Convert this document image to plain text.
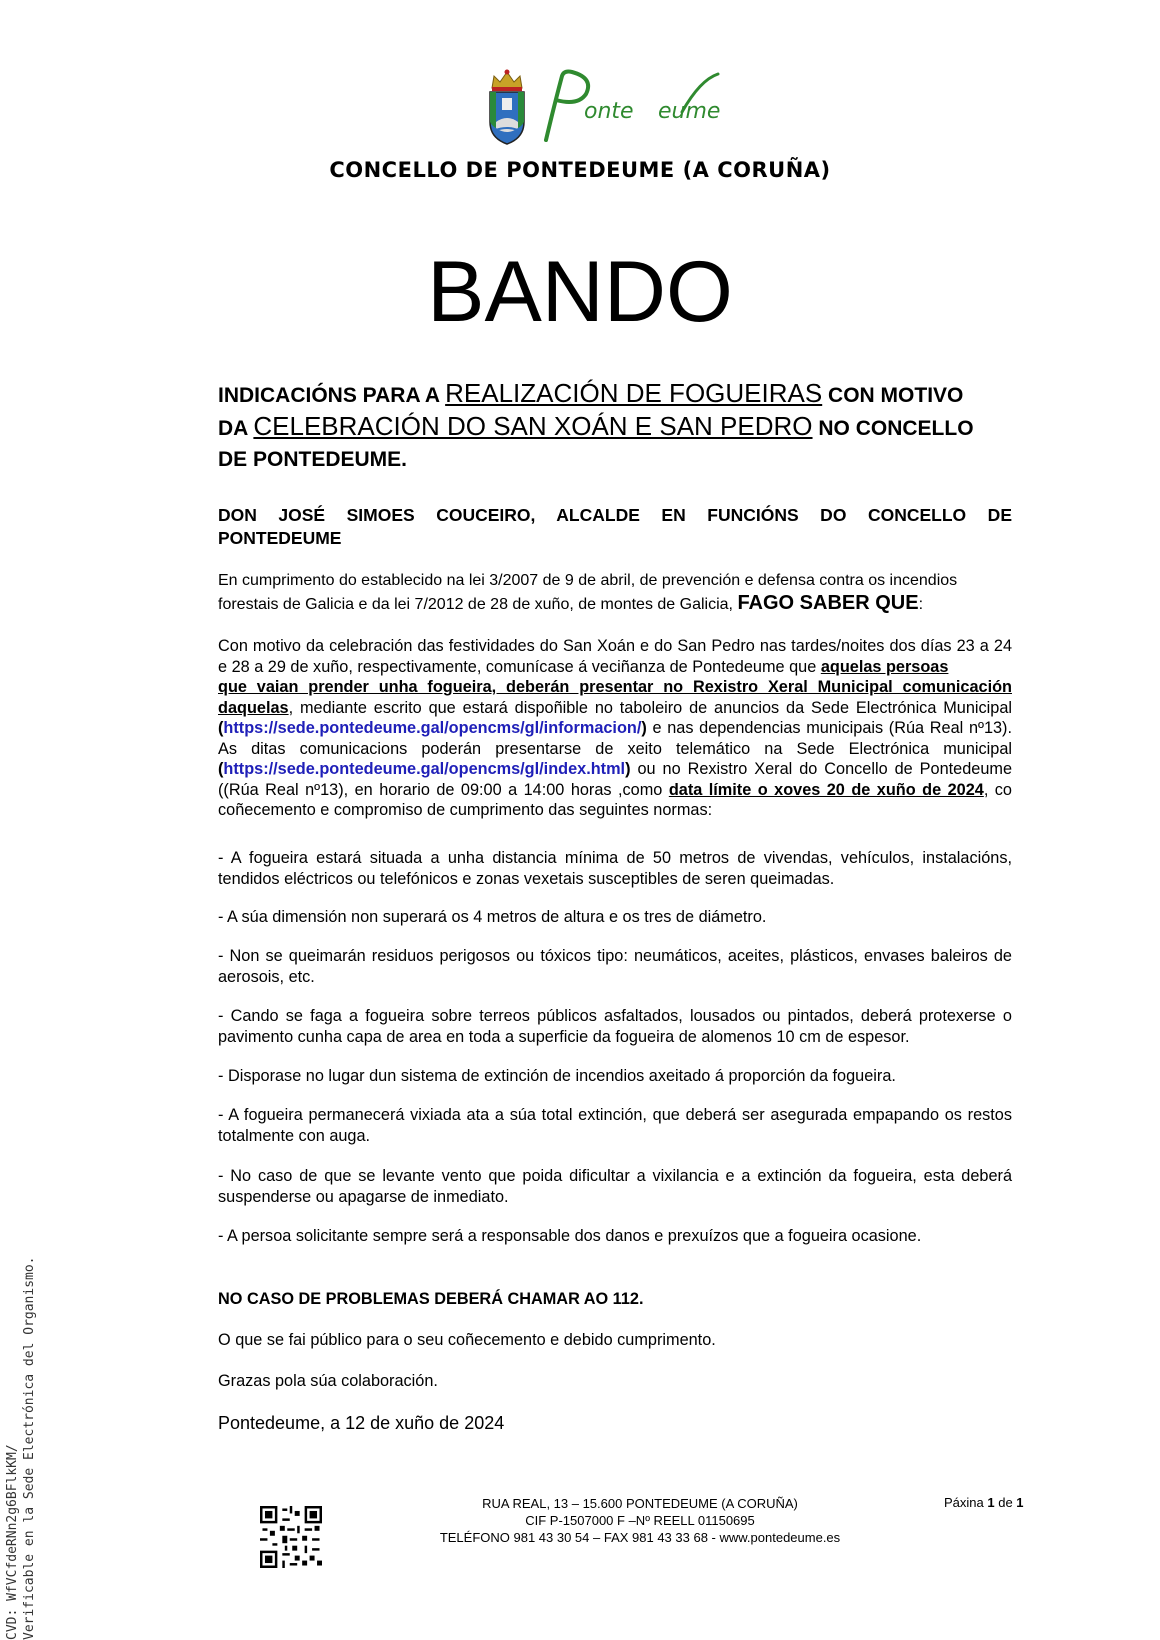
onte eume
CONCELLO DE PONTEDEUME (A CORUÑA)
BANDO
INDICACIÓNS PARA A REALIZACIÓN DE FOGUEIRAS CON MOTIVO
DA CELEBRACIÓN DO SAN XOÁN E SAN PEDRO NO CONCELLO
DE PONTEDEUME.
DON JOSÉ SIMOES COUCEIRO, ALCALDE EN FUNCIÓNS DO CONCELLO DE
PONTEDEUME
En cumprimento do establecido na lei 3/2007 de 9 de abril, de prevención e defensa contra os incendios
forestais de Galicia e da lei 7/2012 de 28 de xuño, de montes de Galicia, FAGO SABER QUE:
Con motivo da celebración das festividades do San Xoán e do San Pedro nas tardes/noites dos días 23 a 24 e 28 a 29 de xuño, respectivamente, comunícase á veciñanza de Pontedeume que aquelas persoas
que vaian prender unha fogueira, deberán presentar no Rexistro Xeral Municipal comunicación
daquelas, mediante escrito que estará dispoñible no taboleiro de anuncios da Sede Electrónica Municipal (https://sede.pontedeume.gal/opencms/gl/informacion/) e nas dependencias municipais (Rúa Real nº13). As ditas comunicacions poderán presentarse de xeito telemático na Sede Electrónica municipal (https://sede.pontedeume.gal/opencms/gl/index.html) ou no Rexistro Xeral do Concello de Pontedeume ((Rúa Real nº13), en horario de 09:00 a 14:00 horas ,como data límite o xoves 20 de xuño de 2024, co coñecemento e compromiso de cumprimento das seguintes normas:
- A fogueira estará situada a unha distancia mínima de 50 metros de vivendas, vehículos, instalacións, tendidos eléctricos ou telefónicos e zonas vexetais susceptibles de seren queimadas.
- A súa dimensión non superará os 4 metros de altura e os tres de diámetro.
- Non se queimarán residuos perigosos ou tóxicos tipo: neumáticos, aceites, plásticos, envases baleiros de aerosois, etc.
- Cando se faga a fogueira sobre terreos públicos asfaltados, lousados ou pintados, deberá protexerse o pavimento cunha capa de area en toda a superficie da fogueira de alomenos 10 cm de espesor.
- Disporase no lugar dun sistema de extinción de incendios axeitado á proporción da fogueira.
- A fogueira permanecerá vixiada ata a súa total extinción, que deberá ser asegurada empapando os restos totalmente con auga.
- No caso de que se levante vento que poida dificultar a vixilancia e a extinción da fogueira, esta deberá suspenderse ou apagarse de inmediato.
- A persoa solicitante sempre será a responsable dos danos e prexuízos que a fogueira ocasione.
NO CASO DE PROBLEMAS DEBERÁ CHAMAR AO 112.
O que se fai público para o seu coñecemento e debido cumprimento.
Grazas pola súa colaboración.
Pontedeume, a 12 de xuño de 2024
RUA REAL, 13 – 15.600 PONTEDEUME (A CORUÑA)
CIF P-1507000 F –Nº REELL 01150695
TELÉFONO 981 43 30 54 – FAX 981 43 33 68 - www.pontedeume.es
Páxina 1 de 1
CVD: WfVCfdeRNn2g6BFlkKM/ Verificable en la Sede Electrónica del Organismo.
